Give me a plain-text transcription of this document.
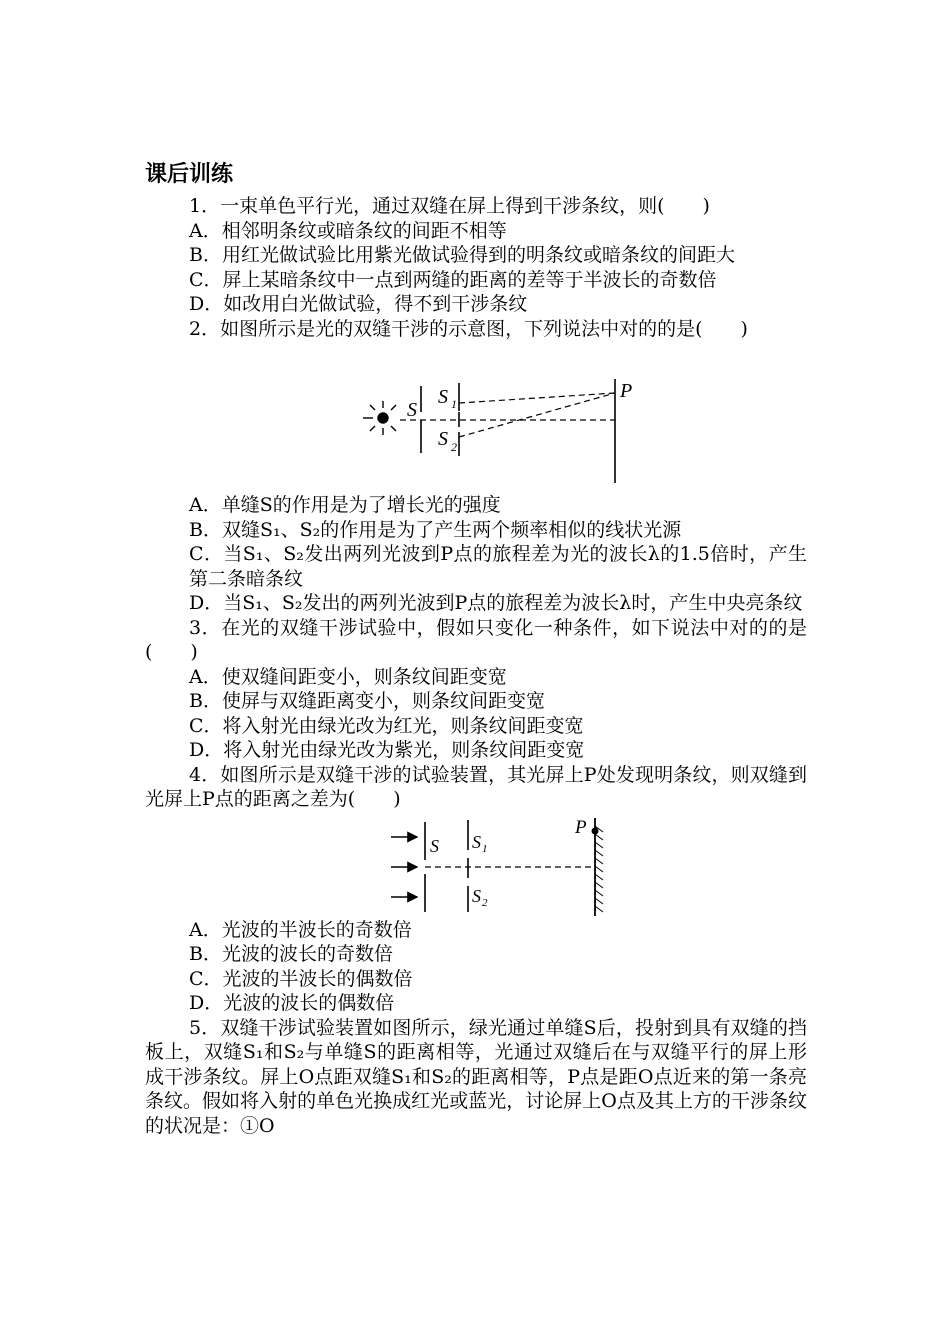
课后训练

1．一束单色平行光，通过双缝在屏上得到干涉条纹，则(　　)

A．相邻明条纹或暗条纹的间距不相等

B．用红光做试验比用紫光做试验得到的明条纹或暗条纹的间距大

C．屏上某暗条纹中一点到两缝的距离的差等于半波长的奇数倍

D．如改用白光做试验，得不到干涉条纹

2．如图所示是光的双缝干涉的示意图，下列说法中对的的是(　　)

S
S 1
S 2
P

A．单缝S的作用是为了增长光的强度

B．双缝S₁、S₂的作用是为了产生两个频率相似的线状光源

C．当S₁、S₂发出两列光波到P点的旅程差为光的波长λ的1.5倍时，产生第二条暗条纹

D．当S₁、S₂发出的两列光波到P点的旅程差为波长λ时，产生中央亮条纹

3．在光的双缝干涉试验中，假如只变化一种条件，如下说法中对的的是(　　)

A．使双缝间距变小，则条纹间距变宽

B．使屏与双缝距离变小，则条纹间距变宽

C．将入射光由绿光改为红光，则条纹间距变宽

D．将入射光由绿光改为紫光，则条纹间距变宽

4．如图所示是双缝干涉的试验装置，其光屏上P处发现明条纹，则双缝到光屏上P点的距离之差为(　　)

P
S S 1
S 2

A．光波的半波长的奇数倍

B．光波的波长的奇数倍

C．光波的半波长的偶数倍

D．光波的波长的偶数倍

5．双缝干涉试验装置如图所示，绿光通过单缝S后，投射到具有双缝的挡板上，双缝S₁和S₂与单缝S的距离相等，光通过双缝后在与双缝平行的屏上形成干涉条纹。屏上O点距双缝S₁和S₂的距离相等，P点是距O点近来的第一条亮条纹。假如将入射的单色光换成红光或蓝光，讨论屏上O点及其上方的干涉条纹的状况是：①O
